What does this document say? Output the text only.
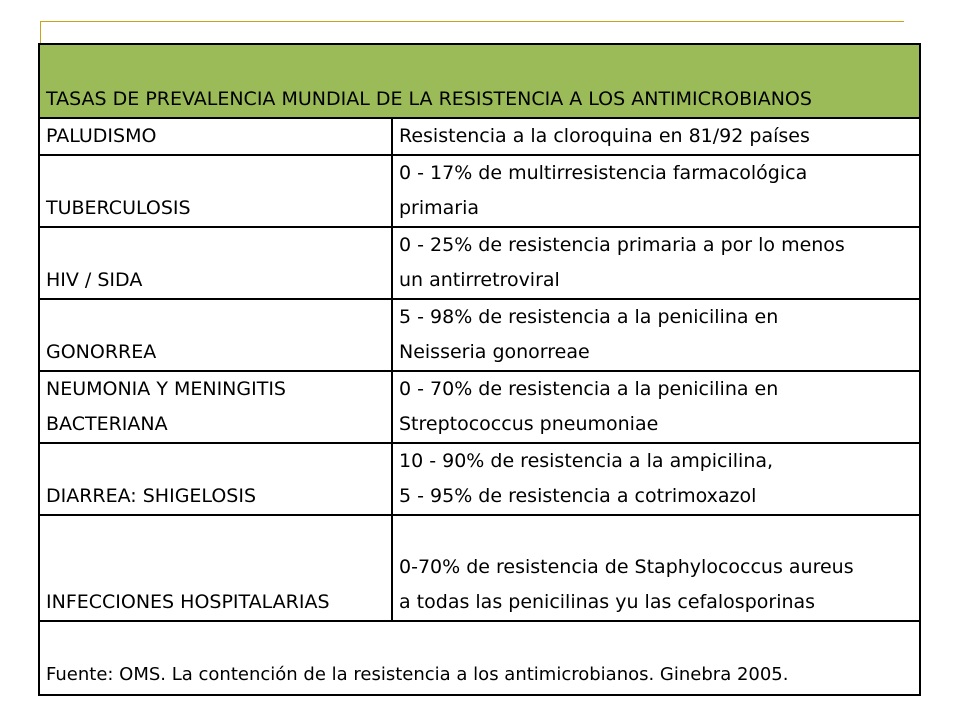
TASAS DE PREVALENCIA MUNDIAL DE LA RESISTENCIA A LOS ANTIMICROBIANOS	

PALUDISMO	Resistencia a la cloroquina en 81/92 países

TUBERCULOSIS	0 - 17% de multirresistencia farmacológica
primaria

HIV / SIDA	0 - 25% de resistencia primaria a por lo menos
un antirretroviral

GONORREA	5 - 98% de resistencia a la penicilina en
Neisseria gonorreae

NEUMONIA Y MENINGITIS
BACTERIANA	0 - 70% de resistencia a la penicilina en
Streptococcus pneumoniae

DIARREA: SHIGELOSIS	10 - 90% de resistencia a la ampicilina,
5 - 95% de resistencia a cotrimoxazol

INFECCIONES HOSPITALARIAS	0-70% de resistencia de Staphylococcus aureus
a todas las penicilinas yu las cefalosporinas

Fuente: OMS. La contención de la resistencia a los antimicrobianos. Ginebra 2005.	
